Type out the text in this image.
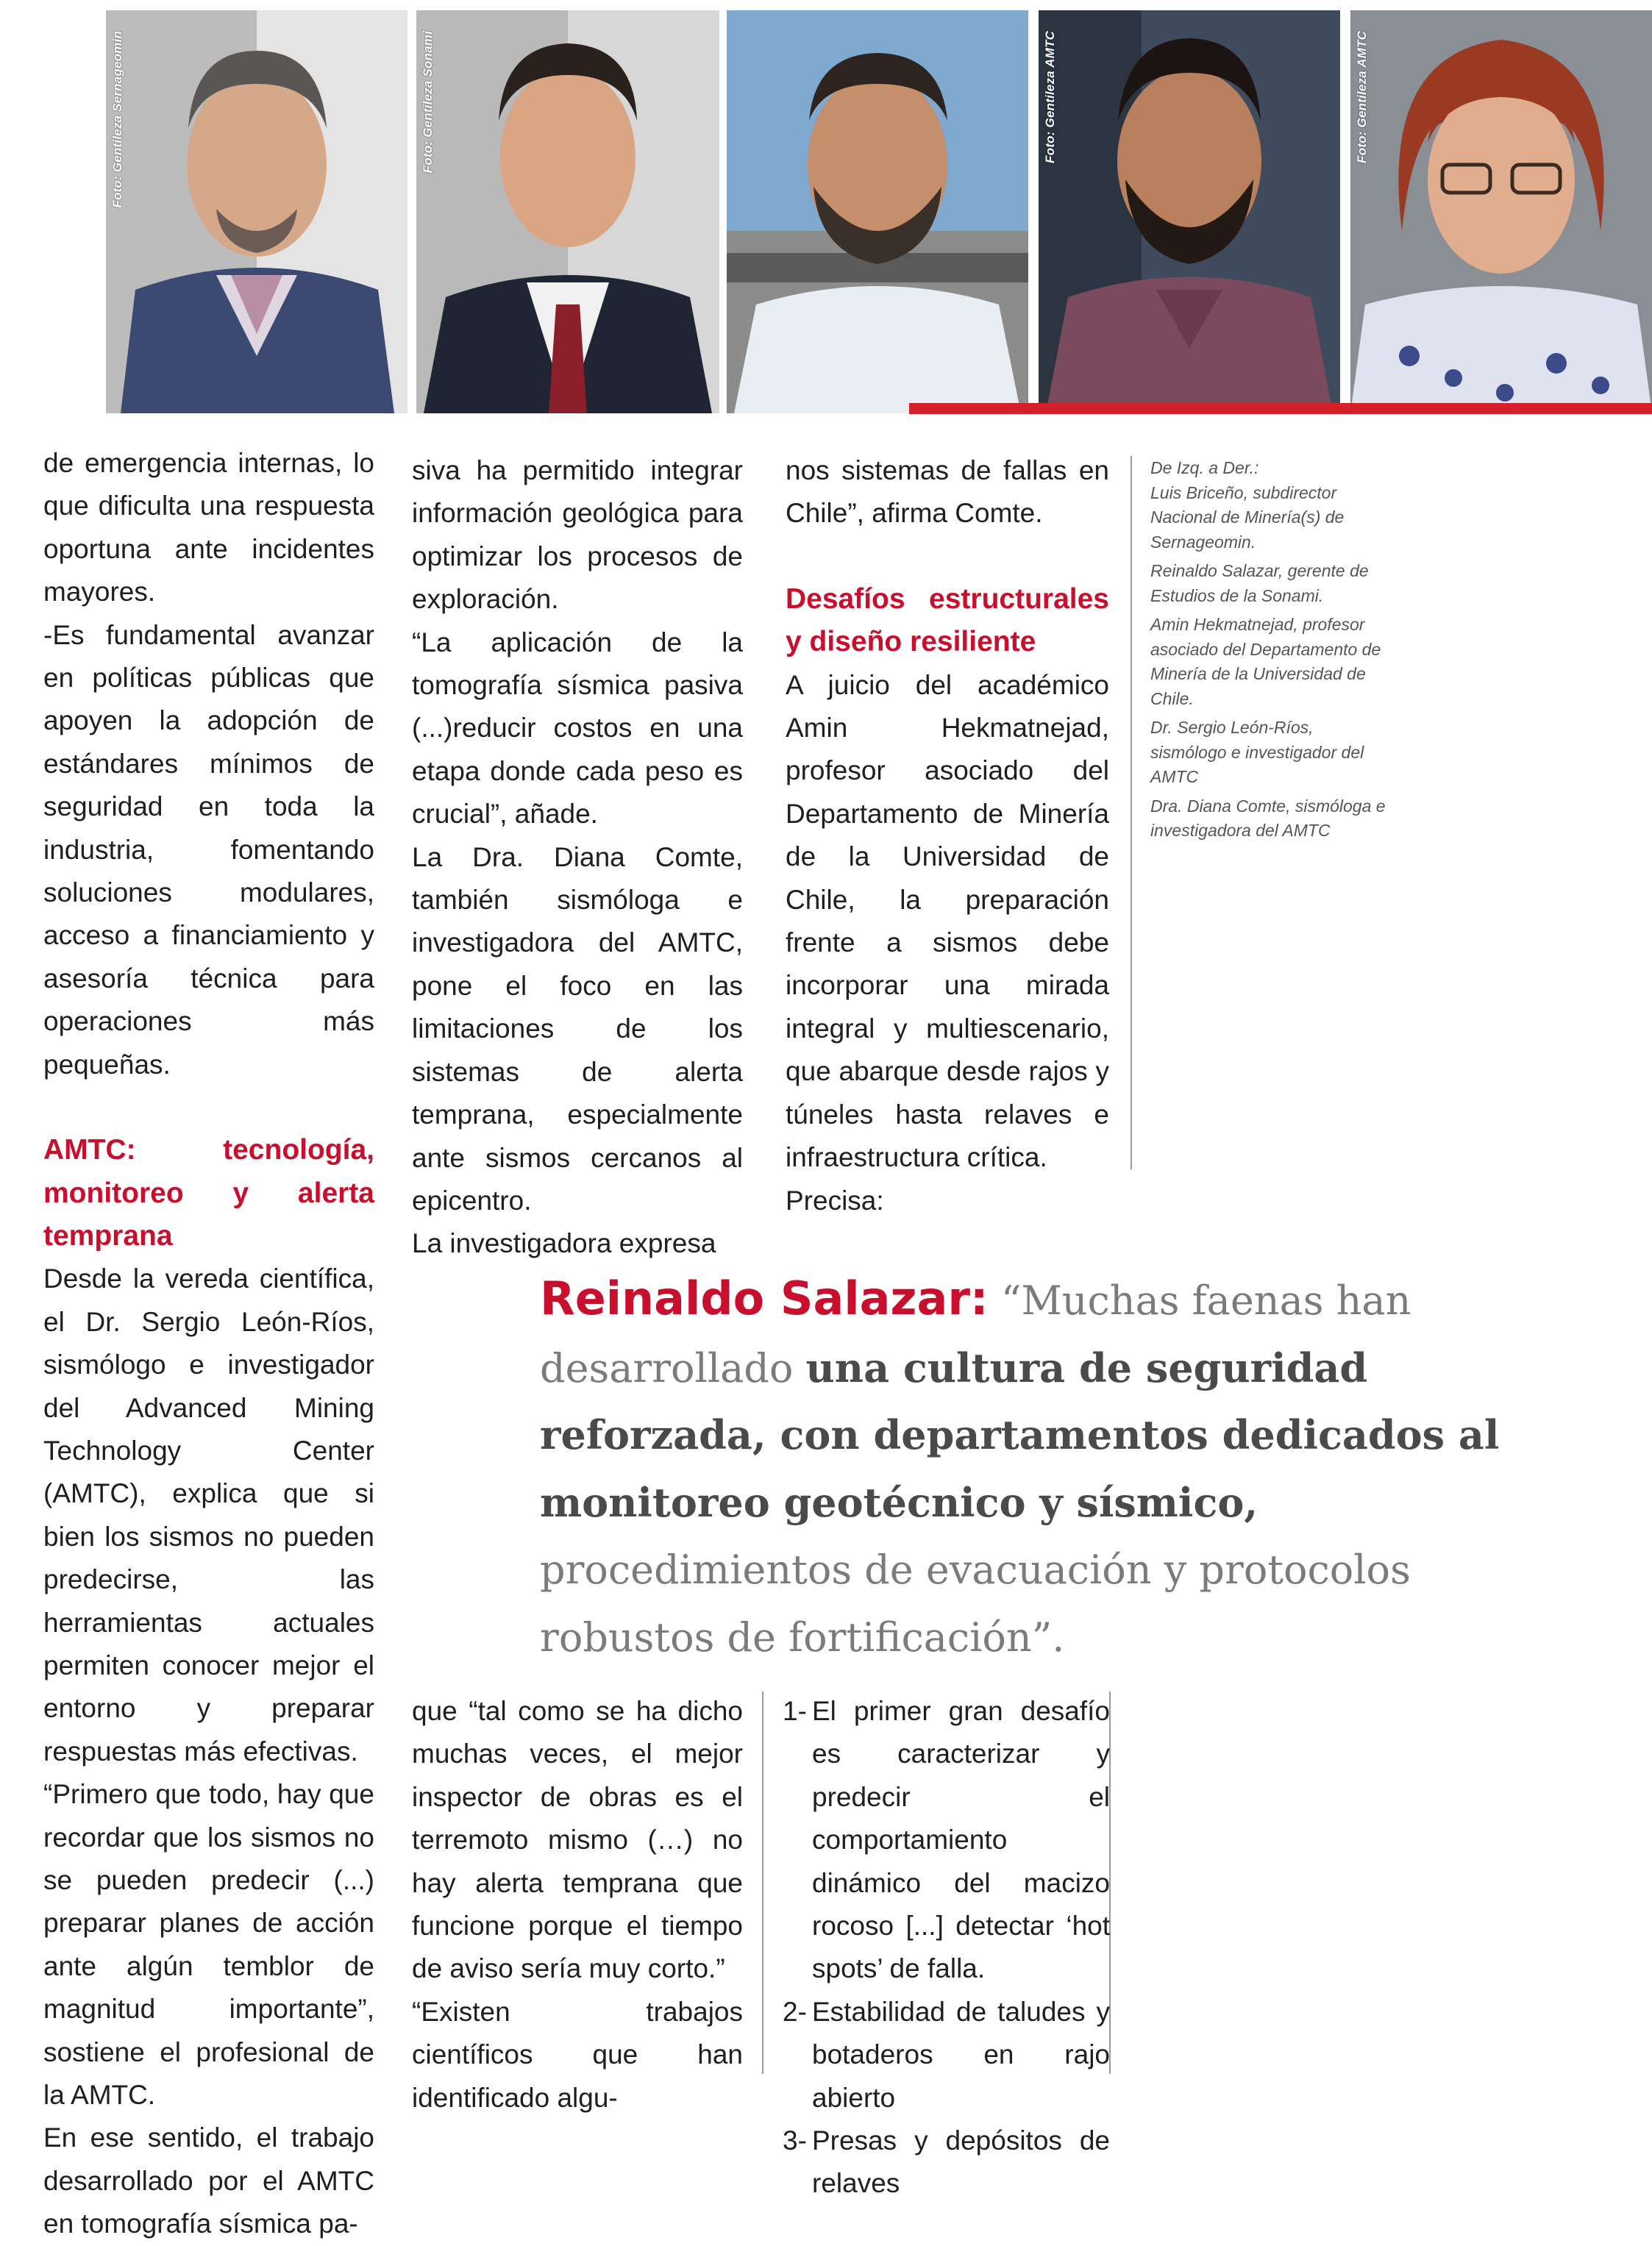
Foto: Gentileza Sernageomin	Foto: Gentileza Sonami	Foto: Gentileza AMTC	Foto: Gentileza AMTC

de emergencia internas, lo que dificulta una respuesta oportuna ante incidentes mayores.

-Es fundamental avanzar en políticas públicas que apoyen la adopción de estándares mínimos de seguridad en toda la industria, fomentando soluciones modulares, acceso a financiamiento y asesoría técnica para operaciones más pequeñas.

AMTC: tecnología, monitoreo y alerta temprana

Desde la vereda científica, el Dr. Sergio León-Ríos, sismólogo e investigador del Advanced Mining Technology Center (AMTC), explica que si bien los sismos no pueden predecirse, las herramientas actuales permiten conocer mejor el entorno y preparar respuestas más efectivas.

“Primero que todo, hay que recordar que los sismos no se pueden predecir (...) preparar planes de acción ante algún temblor de magnitud importante”, sostiene el profesional de la AMTC.

En ese sentido, el trabajo desarrollado por el AMTC en tomografía sísmica pa-

siva ha permitido integrar información geológica para optimizar los procesos de exploración.

“La aplicación de la tomografía sísmica pasiva (...)reducir costos en una etapa donde cada peso es crucial”, añade.

La Dra. Diana Comte, también sismóloga e investigadora del AMTC, pone el foco en las limitaciones de los sistemas de alerta temprana, especialmente ante sismos cercanos al epicentro.

La investigadora expresa

nos sistemas de fallas en Chile”, afirma Comte.

Desafíos estructurales y diseño resiliente

A juicio del académico Amin Hekmatnejad, profesor asociado del Departamento de Minería de la Universidad de Chile, la preparación frente a sismos debe incorporar una mirada integral y multiescenario, que abarque desde rajos y túneles hasta relaves e infraestructura crítica.

Precisa:

De Izq. a Der.:

Luis Briceño, subdirector Nacional de Minería(s) de Sernageomin.

Reinaldo Salazar, gerente de Estudios de la Sonami.

Amin Hekmatnejad, profesor asociado del Departamento de Minería de la Universidad de Chile.

Dr. Sergio León-Ríos, sismólogo e investigador del AMTC

Dra. Diana Comte, sismóloga e investigadora del AMTC

Reinaldo Salazar: “Muchas faenas han desarrollado una cultura de seguridad reforzada, con departamentos dedicados al monitoreo geotécnico y sísmico, procedimientos de evacuación y protocolos robustos de fortificación”.

que “tal como se ha dicho muchas veces, el mejor inspector de obras es el terremoto mismo (…) no hay alerta temprana que funcione porque el tiempo de aviso sería muy corto.”

“Existen trabajos científicos que han identificado algu-

1- El primer gran desafío es caracterizar y predecir el comportamiento dinámico del macizo rocoso [...] detectar ‘hot spots’ de falla.
2- Estabilidad de taludes y botaderos en rajo abierto
3- Presas y depósitos de relaves
